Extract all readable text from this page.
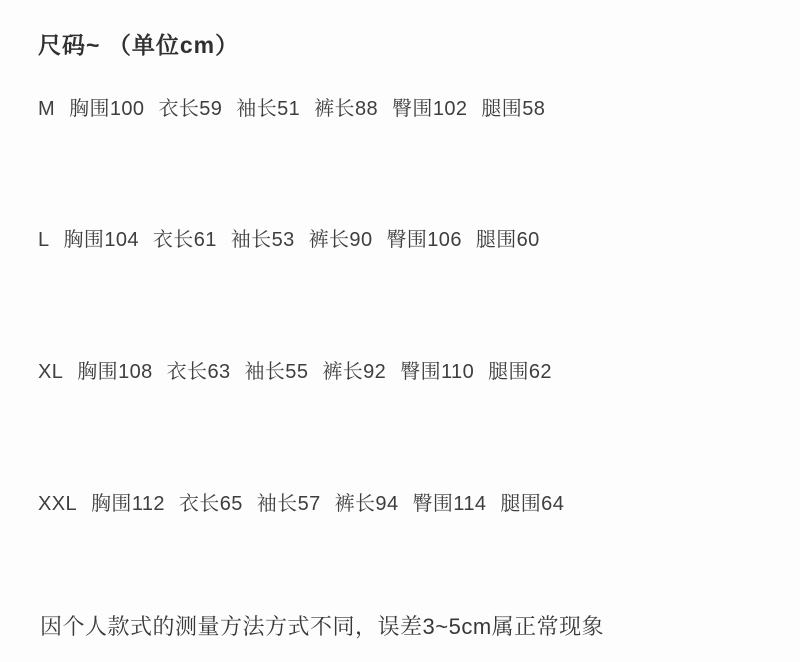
尺码~ （单位cm）
M 胸围100 衣长59 袖长51 裤长88 臀围102 腿围58
L 胸围104 衣长61 袖长53 裤长90 臀围106 腿围60
XL 胸围108 衣长63 袖长55 裤长92 臀围110 腿围62
XXL 胸围112 衣长65 袖长57 裤长94 臀围114 腿围64
因个人款式的测量方法方式不同，误差3~5cm属正常现象
